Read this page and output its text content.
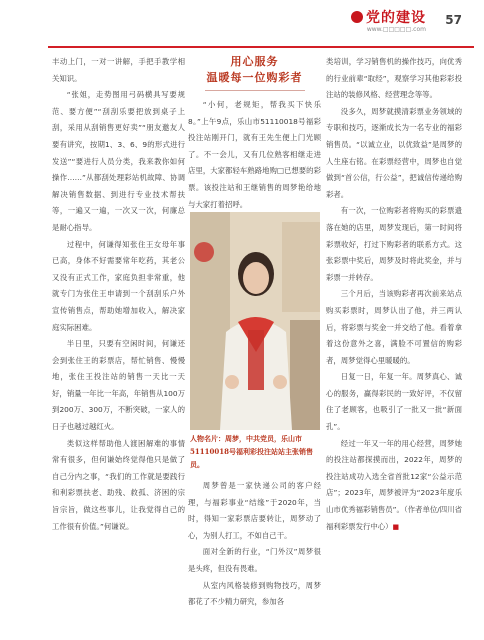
党的建设
www.□□□□□.com
57

丰动上门，一对一讲解，手把手教学相关知识。

“张姐，走势图用弓码横具写要规范、要方便”“刮刮乐要把放到桌子上刮，采用从刮销售更好卖”“朋友邀友人要有讲究，按期1、3、6、9的形式进行发送”“要进行人员分类，我来教你如何操作……”从都刮处理彩站机故障、协调解决销售数据、到进行专业技术帮扶等，一遍又一遍，一次又一次，何廉总是耐心指导。

过程中，何谦得知张住王女母年事已高，身体不好需要常年吃药，其老公又没有正式工作，家庭负担非常重，他就专门为张住王申请到一个刮刮乐户外宣传销售点，帮助她增加收入，解决家庭实际困难。

半日里，只要有空闲时间，何谦还会到张住王的彩票店，帮忙销售、慢慢地，张住王投注站的销售一天比一天好，销量一年比一年高，年销售从100万到200万、300万，不断突破，一家人的日子也越过越红火。

类似这样帮助他人渡困解难的事情常有很多，但何谦始终觉得他只是做了自己分内之事，“我们的工作就是要践行和利彩票扶老、助残、救孤、济困的宗旨宗旨，做这些事儿，让我觉得自己的工作很有价值。”何谦说。

用心服务
温暖每一位购彩者

“小何，老规矩，帮我买下快乐8。”上午9点，乐山市51110018号福彩投注站刚开门，就有王先生便上门光顾了。不一会儿，又有几位熟客相继走进店里，大家都轻车熟路地购□已想要的彩票。该投注站和王继销售的周梦艳给地与大家打着招呼。

人物名片：周梦，中共党员，乐山市51110018号福利彩投注站站主张销售员。

周梦曾是一家快递公司的客户经理，与福彩事业“结缘”于2020年，当时，得知一家彩票店要转让，周梦动了心，为别人打工，不如自己干。

面对全新的行业，“门外汉”周梦很是头疼，但没有畏难。

从室内风格装修到购物技巧，周梦都花了不少精力研究，参加各

类培训，学习销售机的操作技巧，向优秀的行业前辈“取经”，观察学习其他彩彩投注站的装修风格、经营理念等等。

没多久，周梦就摸清彩票业务领域的专职和技巧，逐渐成长为一名专业的福彩销售员。“以诚立业，以优致益”是周梦的人生座右铭。在彩票经营中，周梦也自觉做到“首公信，行公益”，把诚信传递给购彩者。

有一次，一位购彩者将购买的彩票遗落在她的店里，周梦发现后，第一时间将彩票收好，打过下购彩者的联系方式。这张彩票中奖后，周梦及时将此奖金，并与彩票一并转存。

三个月后，当该购彩者再次前来站点购买彩票时，周梦认出了他，并三两认后，将彩票与奖金一并交给了他。看着拿着这份意外之喜，满脸不可置信的购彩者，周梦觉得心里暖暖的。

日复一日，年复一年。周梦真心、诚心的服务，赢得彩民的一致好评，不仅留住了老顾客，也吸引了一批又一批“新面孔”。

经过一年又一年的用心经营，周梦她的投注站都探摸而出，2022年，周梦的投注站成功入选全省首批12家“公益示范店”；2023年，周梦被评为“2023年度乐山市优秀福彩销售员”。（作者单位/四川省福利彩票发行中心）■
